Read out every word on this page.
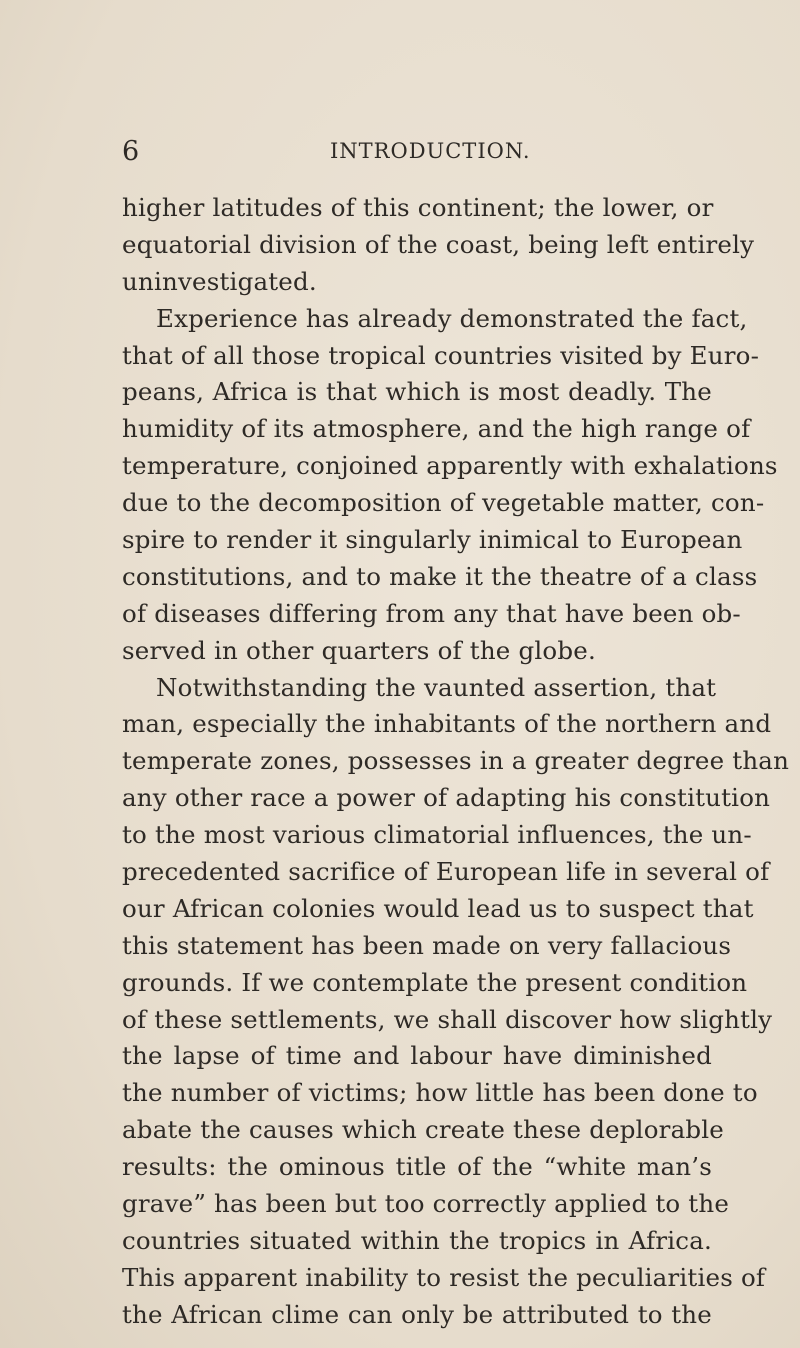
6	INTRODUCTION.
higher latitudes of this continent; the lower, or
equatorial division of the coast, being left entirely
uninvestigated.
Experience has already demonstrated the fact,
that of all those tropical countries visited by Euro-
peans, Africa is that which is most deadly. The
humidity of its atmosphere, and the high range of
temperature, conjoined apparently with exhalations
due to the decomposition of vegetable matter, con-
spire to render it singularly inimical to European
constitutions, and to make it the theatre of a class
of diseases differing from any that have been ob-
served in other quarters of the globe.
Notwithstanding the vaunted assertion, that
man, especially the inhabitants of the northern and
temperate zones, possesses in a greater degree than
any other race a power of adapting his constitution
to the most various climatorial influences, the un-
precedented sacrifice of European life in several of
our African colonies would lead us to suspect that
this statement has been made on very fallacious
grounds. If we contemplate the present condition
of these settlements, we shall discover how slightly
the lapse of time and labour have diminished
the number of victims; how little has been done to
abate the causes which create these deplorable
results: the ominous title of the “white man’s
grave” has been but too correctly applied to the
countries situated within the tropics in Africa.
This apparent inability to resist the peculiarities of
the African clime can only be attributed to the
